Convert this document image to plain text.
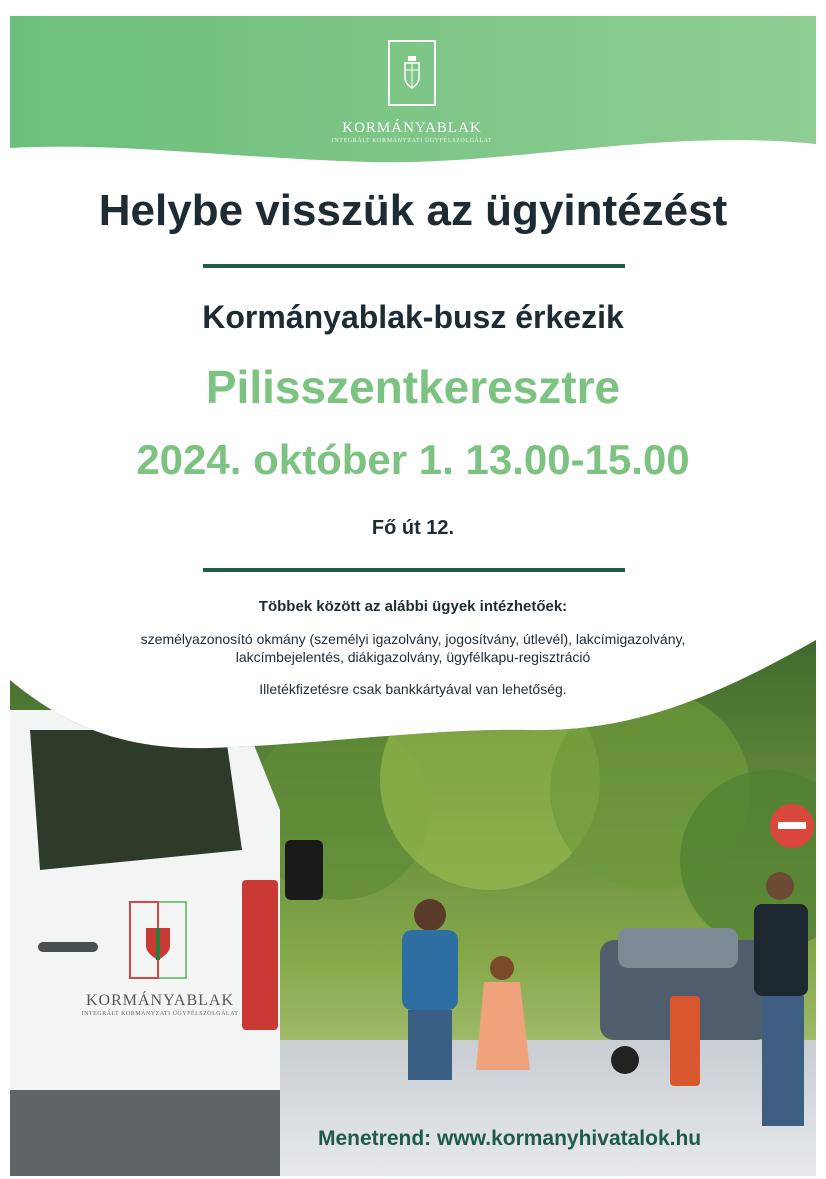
KORMÁNYABLAK
INTEGRÁLT KORMÁNYZATI ÜGYFÉLSZOLGÁLAT
Helybe visszük az ügyintézést
Kormányablak-busz érkezik
Pilisszentkeresztre
2024. október 1. 13.00-15.00
Fő út 12.
Többek között az alábbi ügyek intézhetőek:
személyazonosító okmány (személyi igazolvány, jogosítvány, útlevél), lakcímigazolvány,
lakcímbejelentés, diákigazolvány, ügyfélkapu-regisztráció
Illetékfizetésre csak bankkártyával van lehetőség.
KORMÁNYABLAK
INTEGRÁLT KORMÁNYZATI ÜGYFÉLSZOLGÁLAT
Menetrend: www.kormanyhivatalok.hu
